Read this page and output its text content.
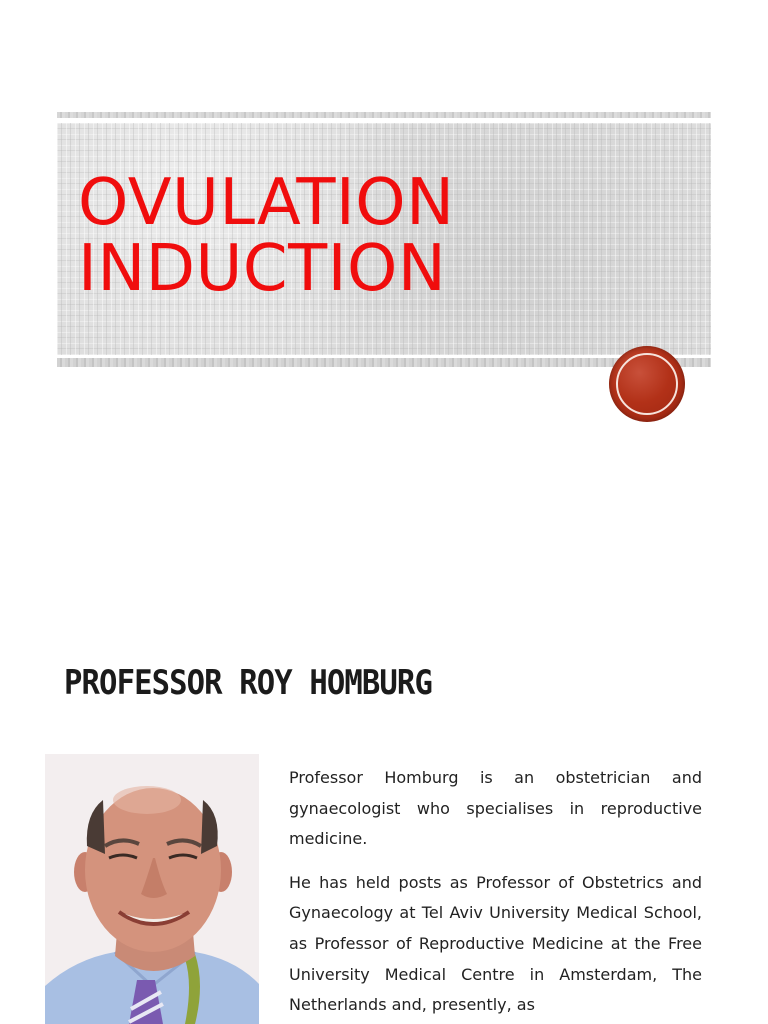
OVULATION
INDUCTION
PROFESSOR ROY HOMBURG

Professor Homburg is an obstetrician and gynaecologist who specialises in reproductive medicine.

He has held posts as Professor of Obstetrics and Gynaecology at Tel Aviv University Medical School, as Professor of Reproductive Medicine at the Free University Medical Centre in Amsterdam, The Netherlands and, presently, as
